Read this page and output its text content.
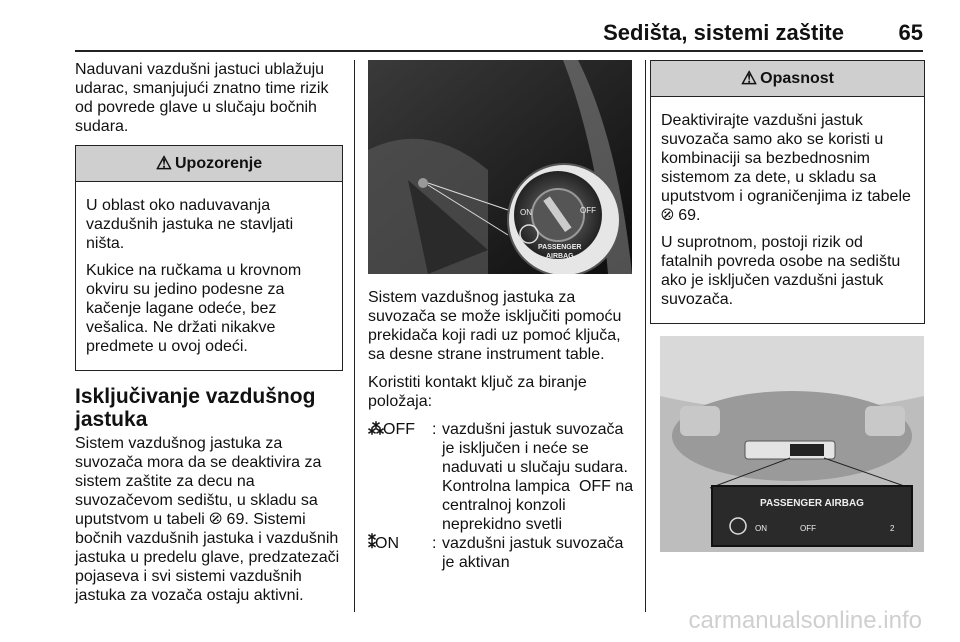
Sedišta, sistemi zaštite 65

Naduvani vazdušni jastuci ublažuju udarac, smanjujući znatno time rizik od povrede glave u slučaju bočnih sudara.

⚠ Upozorenje

U oblast oko naduvavanja vazdušnih jastuka ne stavljati ništa.

Kukice na ručkama u krovnom okviru su jedino podesne za kačenje lagane odeće, bez vešalica. Ne držati nikakve predmete u ovoj odeći.

Isključivanje vazdušnog jastuka

Sistem vazdušnog jastuka za suvozača mora da se deaktivira za sistem zaštite za decu na suvozačevom sedištu, u skladu sa uputstvom u tabeli ⦼ 69. Sistemi bočnih vazdušnih jastuka i vazdušnih jastuka u predelu glave, predzatezači pojaseva i svi sistemi vazdušnih jastuka za vozača ostaju aktivni.

ON	OFF
PASSENGER
AIRBAG

Sistem vazdušnog jastuka za suvozača se može isključiti pomoću prekidača koji radi uz pomoć ključa, sa desne strane instrument table.

Koristiti kontakt ključ za biranje položaja:

⁂OFF	: vazdušni jastuk suvozača je isključen i neće se naduvati u slučaju sudara. Kontrolna lampica  OFF na centralnoj konzoli neprekidno svetli
⁑ON	: vazdušni jastuk suvozača je aktivan
⚠ Opasnost

Deaktivirajte vazdušni jastuk suvozača samo ako se koristi u kombinaciji sa bezbednosnim sistemom za dete, u skladu sa uputstvom i ograničenjima iz tabele ⦼ 69.

U suprotnom, postoji rizik od fatalnih povreda osobe na sedištu ako je isključen vazdušni jastuk suvozača.

PASSENGER AIRBAG
ON	OFF	2
carmanualsonline.info
